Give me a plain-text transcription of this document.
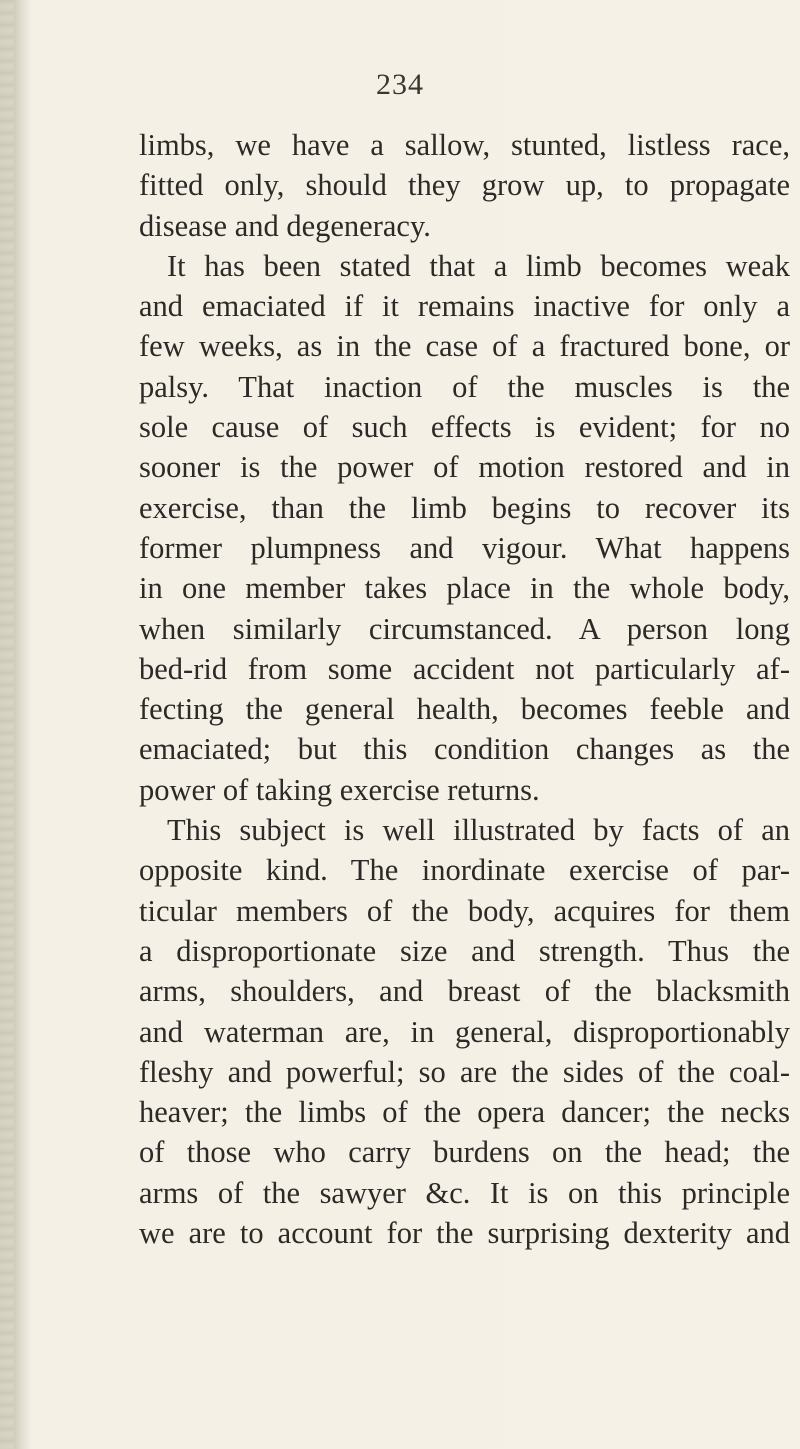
234
limbs, we have a sallow, stunted, listless race,
fitted only, should they grow up, to propagate
disease and degeneracy.
It has been stated that a limb becomes weak
and emaciated if it remains inactive for only a
few weeks, as in the case of a fractured bone, or
palsy. That inaction of the muscles is the
sole cause of such effects is evident; for no
sooner is the power of motion restored and in
exercise, than the limb begins to recover its
former plumpness and vigour. What happens
in one member takes place in the whole body,
when similarly circumstanced. A person long
bed-rid from some accident not particularly af-
fecting the general health, becomes feeble and
emaciated; but this condition changes as the
power of taking exercise returns.
This subject is well illustrated by facts of an
opposite kind. The inordinate exercise of par-
ticular members of the body, acquires for them
a disproportionate size and strength. Thus the
arms, shoulders, and breast of the blacksmith
and waterman are, in general, disproportionably
fleshy and powerful; so are the sides of the coal-
heaver; the limbs of the opera dancer; the necks
of those who carry burdens on the head; the
arms of the sawyer &c. It is on this principle
we are to account for the surprising dexterity and
